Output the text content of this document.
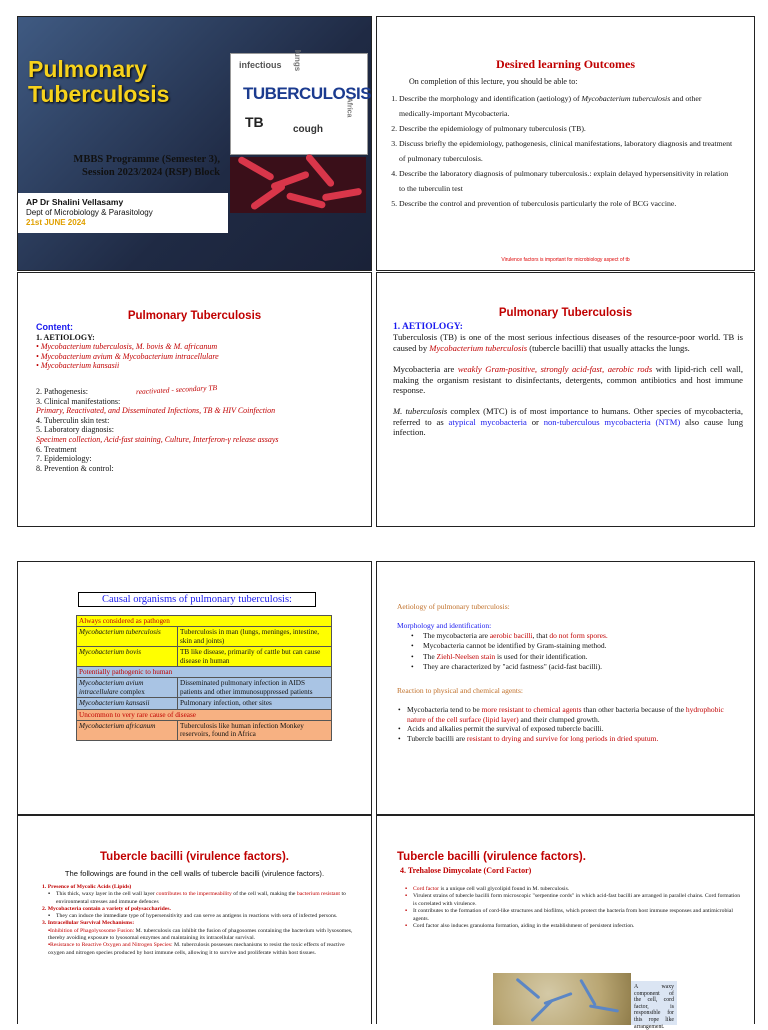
Pulmonary
Tuberculosis
infectious lungs
TUBERCULOSIS
TB	cough
Africa
MBBS Programme (Semester 3),
Session 2023/2024 (RSP) Block
AP Dr Shalini Vellasamy
Dept of Microbiology & Parasitology
21st JUNE 2024
Desired learning Outcomes
On completion of this lecture, you should be able to:
1. Describe the morphology and identification (aetiology) of Mycobacterium tuberculosis and other medically-important Mycobacteria.
2. Describe the epidemiology of pulmonary tuberculosis (TB).
3. Discuss briefly the epidemiology, pathogenesis, clinical manifestations, laboratory diagnosis and treatment of pulmonary tuberculosis.
4. Describe the laboratory diagnosis of pulmonary tuberculosis.: explain delayed hypersensitivity in relation to the tuberculin test
5. Describe the control and prevention of tuberculosis particularly the role of BCG vaccine.
Virulence factors is important for microbiology aspect of tb
Pulmonary Tuberculosis
Content:
1. AETIOLOGY:
• Mycobacterium tuberculosis, M. bovis & M. africanum
• Mycobacterium avium & Mycobacterium intracellulare
• Mycobacterium kansasii
2. Pathogenesis:
3. Clinical manifestations:
Primary, Reactivated, and Disseminated Infections, TB & HIV Coinfection
4. Tuberculin skin test:
5. Laboratory diagnosis:
Specimen collection, Acid-fast staining, Culture, Interferon-γ release assays
6. Treatment
7. Epidemiology:
8. Prevention & control:
reactivated - secondary TB
Pulmonary Tuberculosis
1. AETIOLOGY:

Tuberculosis (TB) is one of the most serious infectious diseases of the resource-poor world. TB is caused by Mycobacterium tuberculosis (tubercle bacilli) that usually attacks the lungs.

Mycobacteria are weakly Gram-positive, strongly acid-fast, aerobic rods with lipid-rich cell wall, making the organism resistant to disinfectants, detergents, common antibiotics and host immune response.

M. tuberculosis complex (MTC) is of most importance to humans. Other species of mycobacteria, referred to as atypical mycobacteria or non-tuberculous mycobacteria (NTM) also cause lung infection.

Causal organisms of pulmonary tuberculosis:
Always considered as pathogen	
Mycobacterium tuberculosis	Tuberculosis in man (lungs, meninges, intestine, skin and joints)
Mycobacterium bovis	TB like disease, primarily of cattle but can cause disease in human
Potentially pathogenic to human	
Mycobacterium avium intracellulare complex	Disseminated pulmonary infection in AIDS patients and other immunosuppressed patients
Mycobacterium kansasii	Pulmonary infection, other sites
Uncommon to very rare cause of disease	
Mycobacterium africanum	Tuberculosis like human infection Monkey reservoirs, found in Africa
Aetiology of pulmonary tuberculosis:
Morphology and identification:
• The mycobacteria are aerobic bacilli, that do not form spores.
• Mycobacteria cannot be identified by Gram-staining method.
• The Ziehl-Neelsen stain is used for their identification.
• They are characterized by "acid fastness" (acid-fast bacilli).
Reaction to physical and chemical agents:
• Mycobacteria tend to be more resistant to chemical agents than other bacteria because of the hydrophobic nature of the cell surface (lipid layer) and their clumped growth.
• Acids and alkalies permit the survival of exposed tubercle bacilli.
• Tubercle bacilli are resistant to drying and survive for long periods in dried sputum.
Tubercle bacilli (virulence factors).
The followings are found in the cell walls of tubercle bacilli (virulence factors).
1. Presence of Mycolic Acids (Lipids)
▪ This thick, waxy layer in the cell wall layer contributes to the impermeability of the cell wall, making the bacterium resistant to environmental stresses and immune defences
2. Mycobacteria contain a variety of polysaccharides.
▪ They can induce the immediate type of hypersensitivity and can serve as antigens in reactions with sera of infected persons.
3. Intracellular Survival Mechanisms:
▪ Inhibition of Phagolysosome Fusion: M. tuberculosis can inhibit the fusion of phagosomes containing the bacterium with lysosomes, thereby avoiding exposure to lysosomal enzymes and maintaining its intracellular survival.
▪ Resistance to Reactive Oxygen and Nitrogen Species: M. tuberculosis possesses mechanisms to resist the toxic effects of reactive oxygen and nitrogen species produced by host immune cells, allowing it to survive and proliferate within host tissues.
Tubercle bacilli (virulence factors).
4. Trehalose Dimycolate (Cord Factor)
▪ Cord factor is a unique cell wall glycolipid found in M. tuberculosis.
▪ Virulent strains of tubercle bacilli form microscopic "serpentine cords" in which acid-fast bacilli are arranged in parallel chains. Cord formation is correlated with virulence.
▪ It contributes to the formation of cord-like structures and biofilms, which protect the bacteria from host immune responses and antimicrobial agents.
▪ Cord factor also induces granuloma formation, aiding in the establishment of persistent infection.
A waxy component of the cell, cord factor, is responsible for this rope like arrangement.
